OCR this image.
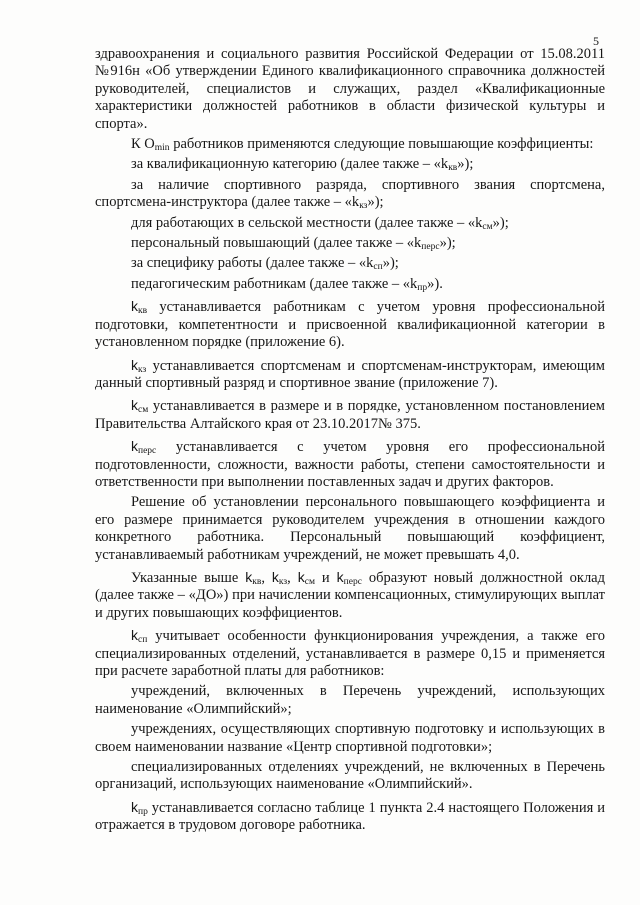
5

здравоохранения и социального развития Российской Федерации от 15.08.2011 №916н «Об утверждении Единого квалификационного справочника должностей руководителей, специалистов и служащих, раздел «Квалификационные характеристики должностей работников в области физической культуры и спорта».

К $O_{min}$ работников применяются следующие повышающие коэффициенты:

за квалификационную категорию (далее также – «$k_{кв}$»);

за наличие спортивного разряда, спортивного звания спортсмена, спортсмена-инструктора (далее также – «$k_{кз}$»);

для работающих в сельской местности (далее также – «$k_{см}$»);

персональный повышающий (далее также – «$k_{перс}$»);

за специфику работы (далее также – «$k_{сп}$»);

педагогическим работникам (далее также – «$k_{пр}$»).

$k_{кв}$ устанавливается работникам с учетом уровня профессиональной подготовки, компетентности и присвоенной квалификационной категории в установленном порядке (приложение 6).

$k_{кз}$ устанавливается спортсменам и спортсменам-инструкторам, имеющим данный спортивный разряд и спортивное звание (приложение 7).

$k_{см}$ устанавливается в размере и в порядке, установленном постановлением Правительства Алтайского края от 23.10.2017№ 375.

$k_{перс}$ устанавливается с учетом уровня его профессиональной подготовленности, сложности, важности работы, степени самостоятельности и ответственности при выполнении поставленных задач и других факторов.

Решение об установлении персонального повышающего коэффициента и его размере принимается руководителем учреждения в отношении каждого конкретного работника. Персональный повышающий коэффициент, устанавливаемый работникам учреждений, не может превышать 4,0.

Указанные выше $k_{кв}$, $k_{кз}$, $k_{см}$ и $k_{перс}$ образуют новый должностной оклад (далее также – «ДО») при начислении компенсационных, стимулирующих выплат и других повышающих коэффициентов.

$k_{сп}$ учитывает особенности функционирования учреждения, а также его специализированных отделений, устанавливается в размере 0,15 и применяется при расчете заработной платы для работников:

учреждений, включенных в Перечень учреждений, использующих наименование «Олимпийский»;

учреждениях, осуществляющих спортивную подготовку и использующих в своем наименовании название «Центр спортивной подготовки»;

специализированных отделениях учреждений, не включенных в Перечень организаций, использующих наименование «Олимпийский».

$k_{пр}$ устанавливается согласно таблице 1 пункта 2.4 настоящего Положения и отражается в трудовом договоре работника.
